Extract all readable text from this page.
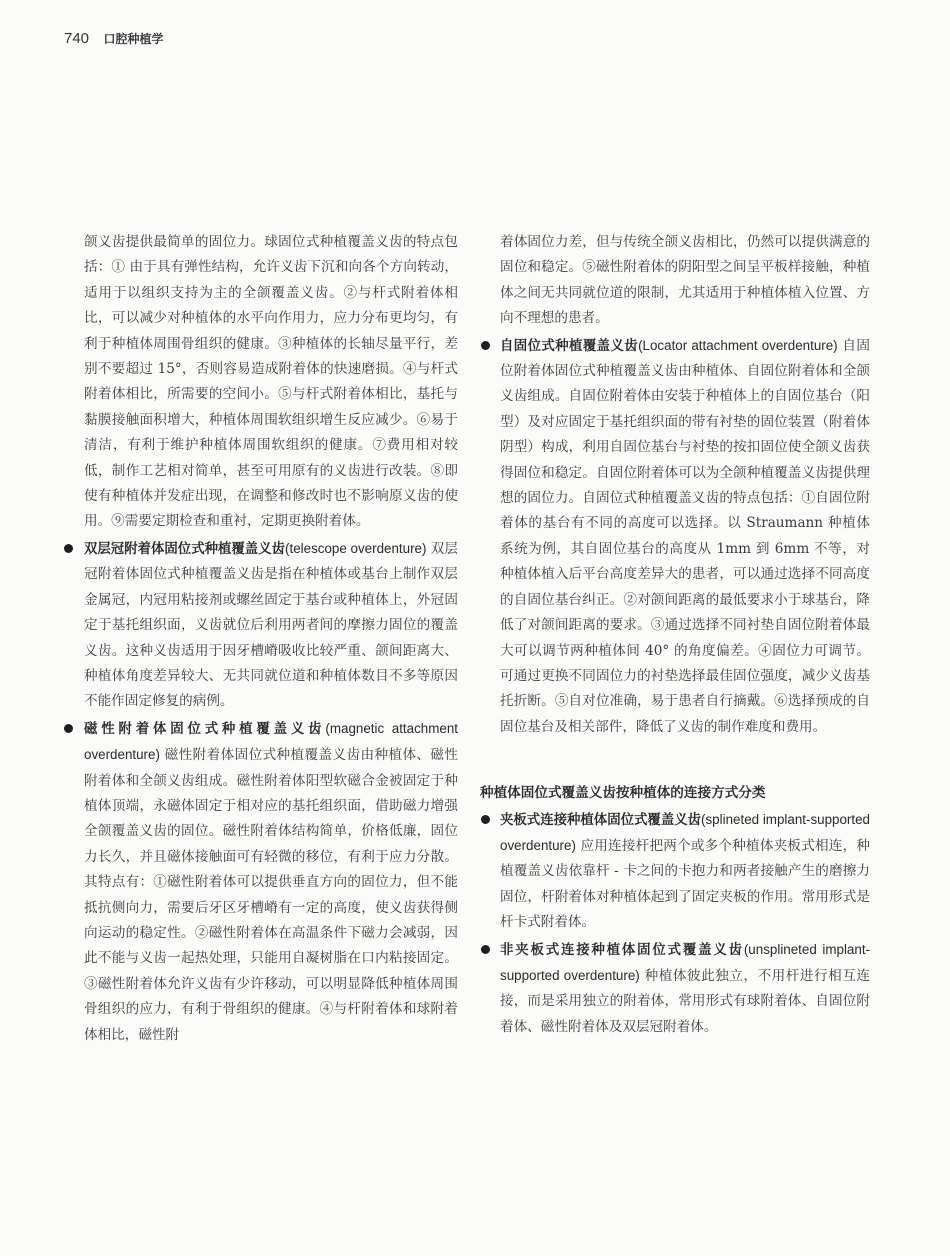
740 口腔种植学

颌义齿提供最简单的固位力。球固位式种植覆盖义齿的特点包括：① 由于具有弹性结构，允许义齿下沉和向各个方向转动，适用于以组织支持为主的全颌覆盖义齿。②与杆式附着体相比，可以减少对种植体的水平向作用力，应力分布更均匀，有利于种植体周围骨组织的健康。③种植体的长轴尽量平行，差别不要超过 15°，否则容易造成附着体的快速磨损。④与杆式附着体相比，所需要的空间小。⑤与杆式附着体相比，基托与黏膜接触面积增大，种植体周围软组织增生反应减少。⑥易于清洁，有利于维护种植体周围软组织的健康。⑦费用相对较低，制作工艺相对简单，甚至可用原有的义齿进行改装。⑧即使有种植体并发症出现，在调整和修改时也不影响原义齿的使用。⑨需要定期检查和重衬，定期更换附着体。

双层冠附着体固位式种植覆盖义齿(telescope overdenture) 双层冠附着体固位式种植覆盖义齿是指在种植体或基台上制作双层金属冠，内冠用粘接剂或螺丝固定于基台或种植体上，外冠固定于基托组织面，义齿就位后利用两者间的摩擦力固位的覆盖义齿。这种义齿适用于因牙槽嵴吸收比较严重、颌间距离大、种植体角度差异较大、无共同就位道和种植体数目不多等原因不能作固定修复的病例。
磁性附着体固位式种植覆盖义齿(magnetic attachment overdenture) 磁性附着体固位式种植覆盖义齿由种植体、磁性附着体和全颌义齿组成。磁性附着体阳型软磁合金被固定于种植体顶端，永磁体固定于相对应的基托组织面，借助磁力增强全颌覆盖义齿的固位。磁性附着体结构简单，价格低廉，固位力长久，并且磁体接触面可有轻微的移位，有利于应力分散。其特点有：①磁性附着体可以提供垂直方向的固位力，但不能抵抗侧向力，需要后牙区牙槽嵴有一定的高度，使义齿获得侧向运动的稳定性。②磁性附着体在高温条件下磁力会减弱，因此不能与义齿一起热处理，只能用自凝树脂在口内粘接固定。③磁性附着体允许义齿有少许移动，可以明显降低种植体周围骨组织的应力，有利于骨组织的健康。④与杆附着体和球附着体相比，磁性附

着体固位力差，但与传统全颌义齿相比，仍然可以提供满意的固位和稳定。⑤磁性附着体的阴阳型之间呈平板样接触，种植体之间无共同就位道的限制，尤其适用于种植体植入位置、方向不理想的患者。

自固位式种植覆盖义齿(Locator attachment overdenture) 自固位附着体固位式种植覆盖义齿由种植体、自固位附着体和全颌义齿组成。自固位附着体由安装于种植体上的自固位基台（阳型）及对应固定于基托组织面的带有衬垫的固位装置（附着体阴型）构成，利用自固位基台与衬垫的按扣固位使全颌义齿获得固位和稳定。自固位附着体可以为全颌种植覆盖义齿提供理想的固位力。自固位式种植覆盖义齿的特点包括：①自固位附着体的基台有不同的高度可以选择。以 Straumann 种植体系统为例，其自固位基台的高度从 1mm 到 6mm 不等，对种植体植入后平台高度差异大的患者，可以通过选择不同高度的自固位基台纠正。②对颌间距离的最低要求小于球基台，降低了对颌间距离的要求。③通过选择不同衬垫自固位附着体最大可以调节两种植体间 40° 的角度偏差。④固位力可调节。可通过更换不同固位力的衬垫选择最佳固位强度，减少义齿基托折断。⑤自对位准确，易于患者自行摘戴。⑥选择预成的自固位基台及相关部件，降低了义齿的制作难度和费用。
种植体固位式覆盖义齿按种植体的连接方式分类
夹板式连接种植体固位式覆盖义齿(splineted implant-supported overdenture) 应用连接杆把两个或多个种植体夹板式相连，种植覆盖义齿依靠杆 - 卡之间的卡抱力和两者接触产生的磨擦力固位，杆附着体对种植体起到了固定夹板的作用。常用形式是杆卡式附着体。
非夹板式连接种植体固位式覆盖义齿(unsplineted implant-supported overdenture) 种植体彼此独立，不用杆进行相互连接，而是采用独立的附着体，常用形式有球附着体、自固位附着体、磁性附着体及双层冠附着体。
